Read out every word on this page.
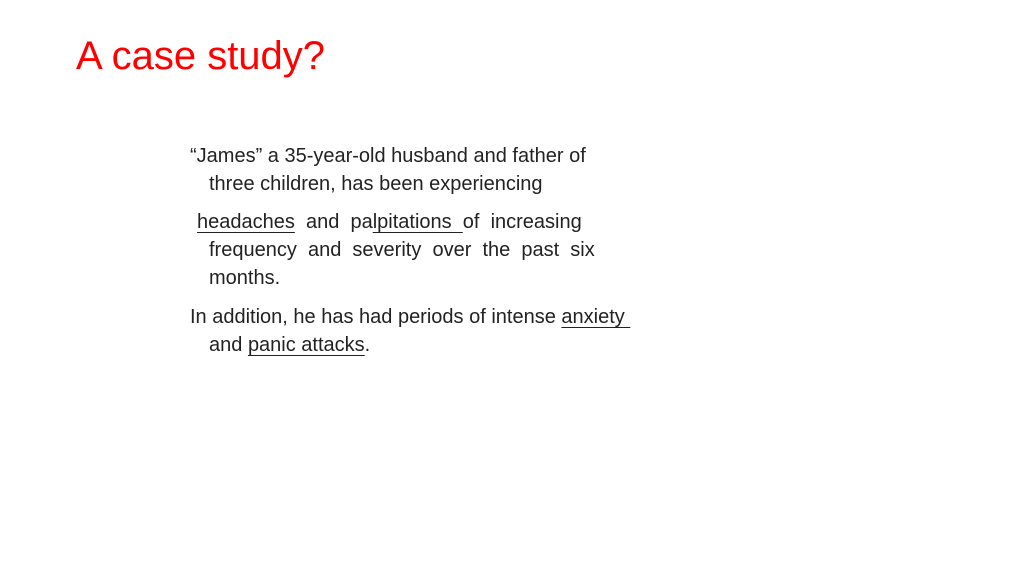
A case study?
“James” a 35-year-old husband and father of
three children, has been experiencing
headaches  and  palpitations  of  increasing
frequency  and  severity  over  the  past  six
months.
In addition, he has had periods of intense anxiety
and panic attacks.
